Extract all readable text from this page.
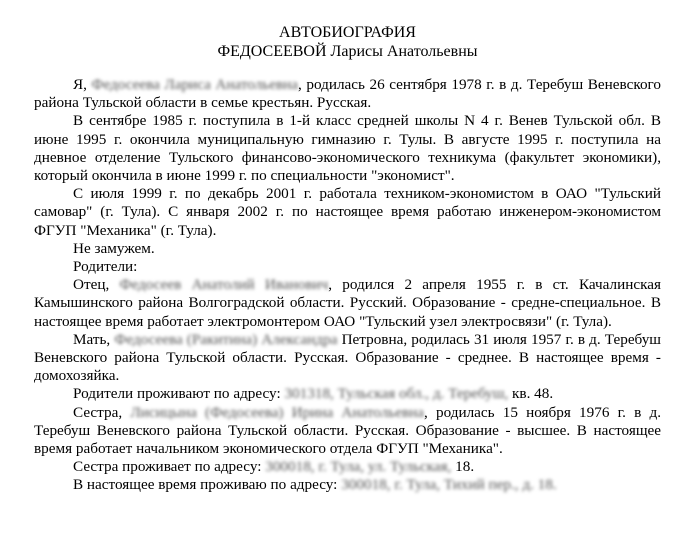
АВТОБИОГРАФИЯ
ФЕДОСЕЕВОЙ Ларисы Анатольевны

Я, Федосеева Лариса Анатольевна, родилась 26 сентября 1978 г. в д. Теребуш Веневского района Тульской области в семье крестьян. Русская.

В сентябре 1985 г. поступила в 1-й класс средней школы N 4 г. Венев Тульской обл. В июне 1995 г. окончила муниципальную гимназию г. Тулы. В августе 1995 г. поступила на дневное отделение Тульского финансово-экономического техникума (факультет экономики), который окончила в июне 1999 г. по специальности "экономист".

С июля 1999 г. по декабрь 2001 г. работала техником-экономистом в ОАО "Тульский самовар" (г. Тула). С января 2002 г. по настоящее время работаю инженером-экономистом ФГУП "Механика" (г. Тула).

Не замужем.

Родители:

Отец, Федосеев Анатолий Иванович, родился 2 апреля 1955 г. в ст. Качалинская Камышинского района Волгоградской области. Русский. Образование - средне-специальное. В настоящее время работает электромонтером ОАО "Тульский узел электросвязи" (г. Тула).

Мать, Федосеева (Ракитина) Александра Петровна, родилась 31 июля 1957 г. в д. Теребуш Веневского района Тульской области. Русская. Образование - среднее. В настоящее время - домохозяйка.

Родители проживают по адресу: 301318, Тульская обл., д. Теребуш, кв. 48.

Сестра, Лисицына (Федосеева) Ирина Анатольевна, родилась 15 ноября 1976 г. в д. Теребуш Веневского района Тульской области. Русская. Образование - высшее. В настоящее время работает начальником экономического отдела ФГУП "Механика".

Сестра проживает по адресу: 300018, г. Тула, ул. Тульская, 18.

В настоящее время проживаю по адресу: 300018, г. Тула, Тихий пер., д. 18.
